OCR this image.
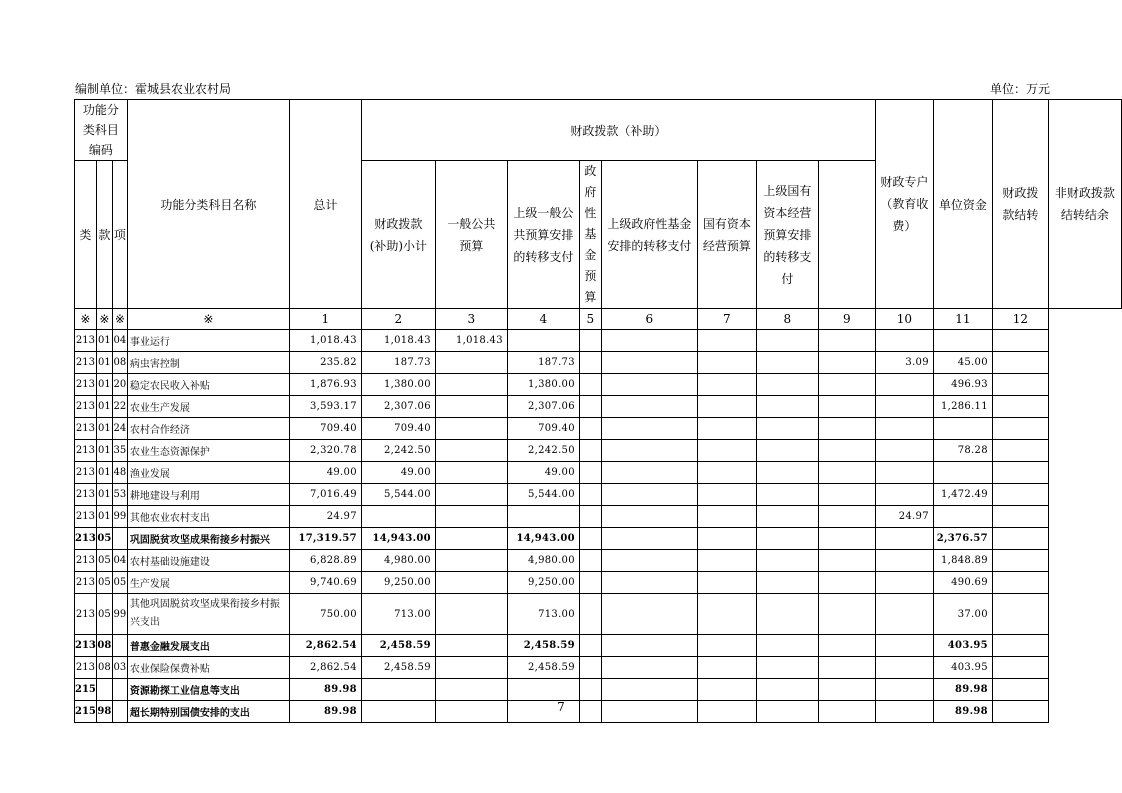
编制单位：霍城县农业农村局	单位：万元
功能分类科目编码			功能分类科目名称	总计	财政拨款（补助）								财政专户（教育收费）	单位资金	财政拨款结转	非财政拨款结转结余
类	款	项			财政拨款(补助)小计	一般公共预算	上级一般公共预算安排的转移支付	政府性基金预算	上级政府性基金安排的转移支付	国有资本经营预算	上级国有资本经营预算安排的转移支付					
※	※	※	※	1	2	3	4	5	6	7	8	9	10	11	12	
213	01	04	事业运行	1,018.43	1,018.43	1,018.43										
213	01	08	病虫害控制	235.82	187.73		187.73						3.09	45.00		
213	01	20	稳定农民收入补贴	1,876.93	1,380.00		1,380.00							496.93		
213	01	22	农业生产发展	3,593.17	2,307.06		2,307.06							1,286.11		
213	01	24	农村合作经济	709.40	709.40		709.40									
213	01	35	农业生态资源保护	2,320.78	2,242.50		2,242.50							78.28		
213	01	48	渔业发展	49.00	49.00		49.00									
213	01	53	耕地建设与利用	7,016.49	5,544.00		5,544.00							1,472.49		
213	01	99	其他农业农村支出	24.97									24.97			
213	05		巩固脱贫攻坚成果衔接乡村振兴	17,319.57	14,943.00		14,943.00							2,376.57		
213	05	04	农村基础设施建设	6,828.89	4,980.00		4,980.00							1,848.89		
213	05	05	生产发展	9,740.69	9,250.00		9,250.00							490.69		
213	05	99	其他巩固脱贫攻坚成果衔接乡村振兴支出	750.00	713.00		713.00							37.00		
213	08		普惠金融发展支出	2,862.54	2,458.59		2,458.59							403.95		
213	08	03	农业保险保费补贴	2,862.54	2,458.59		2,458.59							403.95		
215			资源勘探工业信息等支出	89.98										89.98		
215	98		超长期特别国债安排的支出	89.98										89.98		
7
